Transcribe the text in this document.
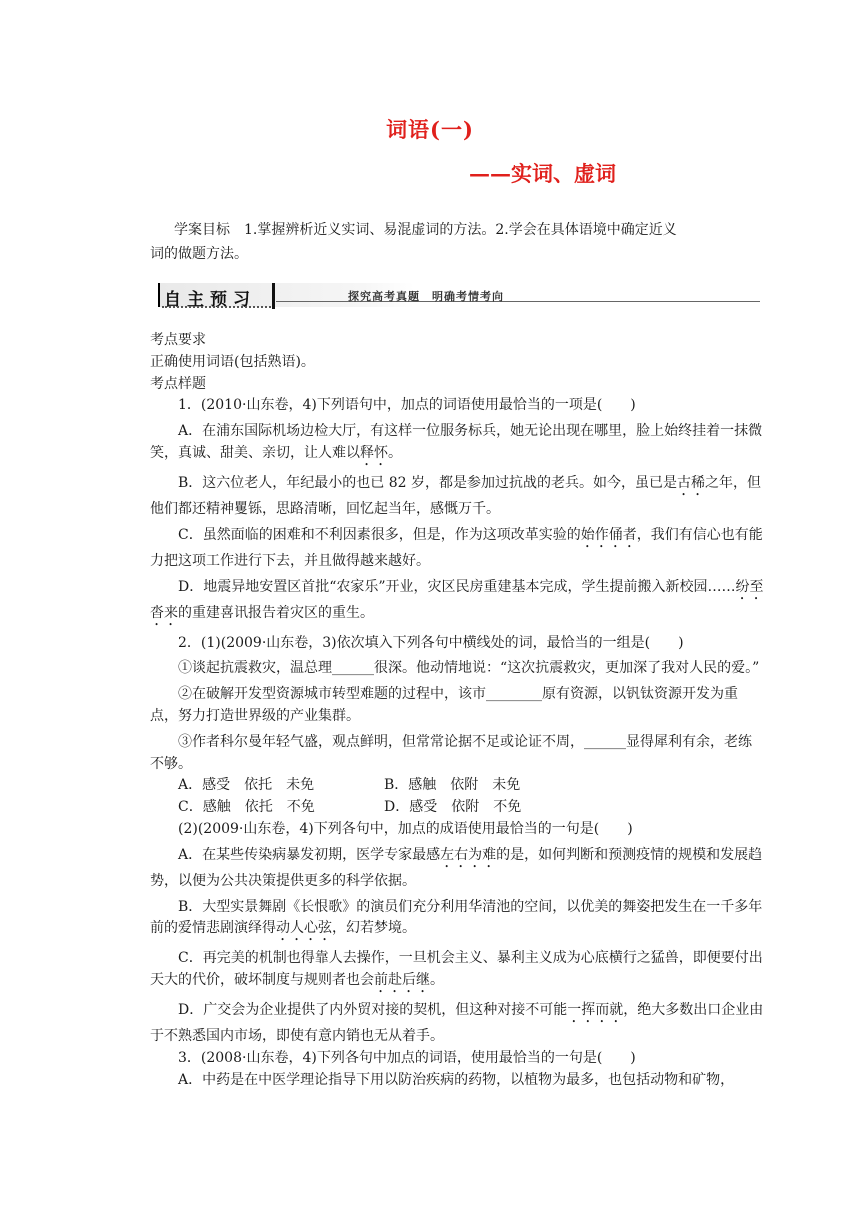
词语(一)
——实词、虚词
学案目标　 1.掌握辨析近义实词、易混虚词的方法。2.学会在具体语境中确定近义
词的做题方法。
自主预习	探究高考真题　明确考情考向

考点要求

正确使用词语(包括熟语)。

考点样题

1．(2010·山东卷，4)下列语句中，加点的词语使用最恰当的一项是(　　)

A．在浦东国际机场边检大厅，有这样一位服务标兵，她无论出现在哪里，脸上始终挂着一抹微笑，真诚、甜美、亲切，让人难以释怀。

B．这六位老人，年纪最小的也已 82 岁，都是参加过抗战的老兵。如今，虽已是古稀之年，但他们都还精神矍铄，思路清晰，回忆起当年，感慨万千。

C．虽然面临的困难和不利因素很多，但是，作为这项改革实验的始作俑者，我们有信心也有能力把这项工作进行下去，并且做得越来越好。

D．地震异地安置区首批“农家乐”开业，灾区民房重建基本完成，学生提前搬入新校园……纷至沓来的重建喜讯报告着灾区的重生。

2．(1)(2009·山东卷，3)依次填入下列各句中横线处的词，最恰当的一组是(　　)

①谈起抗震救灾，温总理______很深。他动情地说：“这次抗震救灾，更加深了我对人民的爱。”

②在破解开发型资源城市转型难题的过程中，该市________原有资源，以钒钛资源开发为重点，努力打造世界级的产业集群。

③作者科尔曼年轻气盛，观点鲜明，但常常论据不足或论证不周，______显得犀利有余，老练不够。

A．感受　依托　未免	B．感触　依附　未免
C．感触　依托　不免	D．感受　依附　不免

(2)(2009·山东卷，4)下列各句中，加点的成语使用最恰当的一句是(　　)

A．在某些传染病暴发初期，医学专家最感左右为难的是，如何判断和预测疫情的规模和发展趋势，以便为公共决策提供更多的科学依据。

B．大型实景舞剧《长恨歌》的演员们充分利用华清池的空间，以优美的舞姿把发生在一千多年前的爱情悲剧演绎得动人心弦，幻若梦境。

C．再完美的机制也得靠人去操作，一旦机会主义、暴利主义成为心底横行之猛兽，即便要付出天大的代价，破坏制度与规则者也会前赴后继。

D．广交会为企业提供了内外贸对接的契机，但这种对接不可能一挥而就，绝大多数出口企业由于不熟悉国内市场，即使有意内销也无从着手。

3．(2008·山东卷，4)下列各句中加点的词语，使用最恰当的一句是(　　)

A．中药是在中医学理论指导下用以防治疾病的药物，以植物为最多，也包括动物和矿物，
